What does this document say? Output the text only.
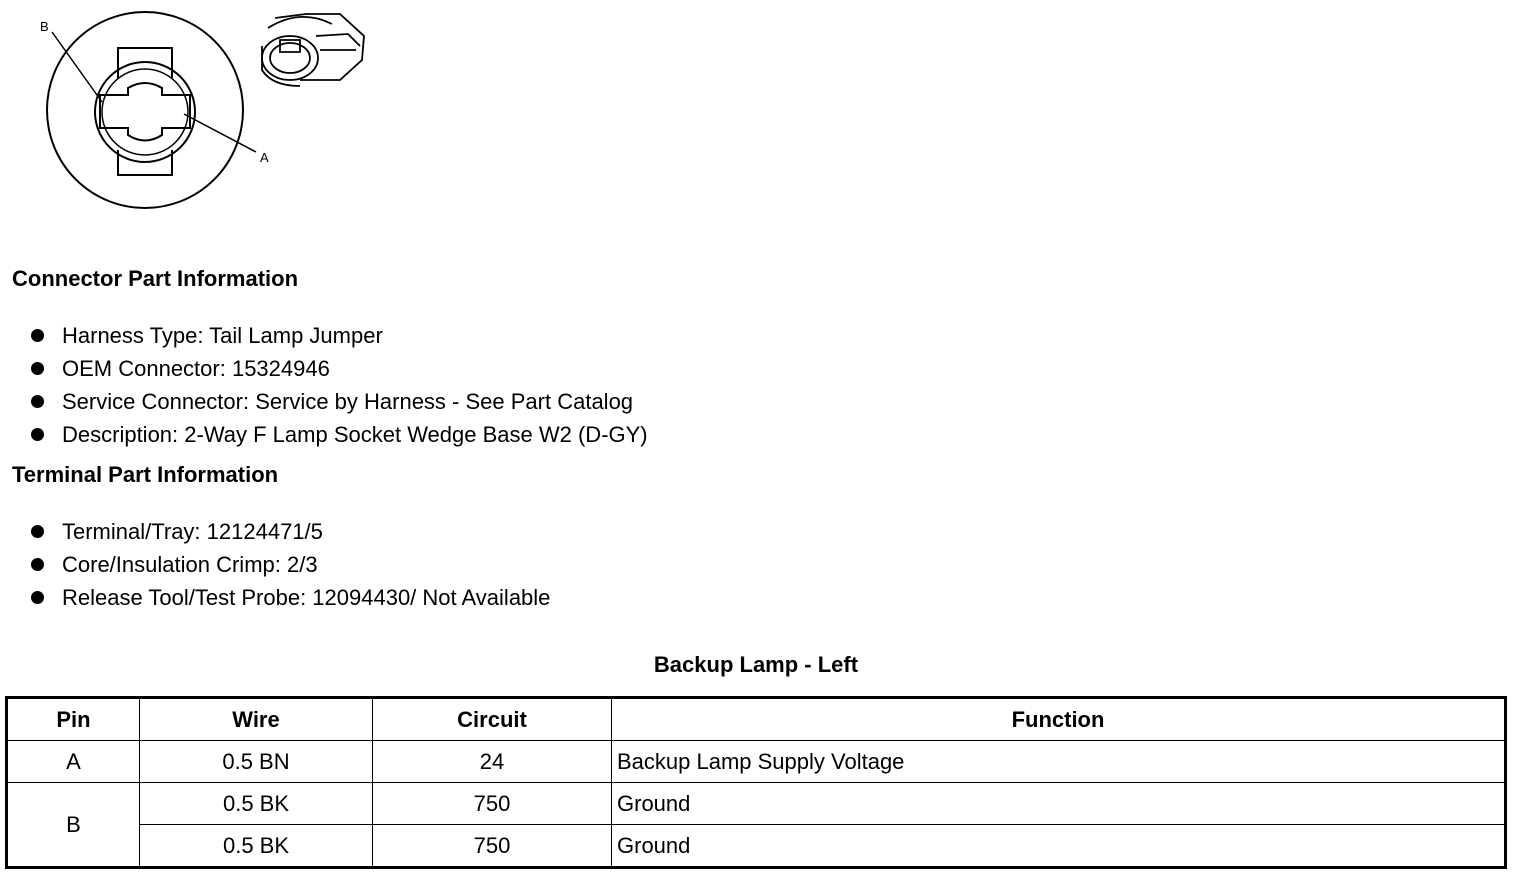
B
A
Connector Part Information
Harness Type: Tail Lamp Jumper
OEM Connector: 15324946
Service Connector: Service by Harness - See Part Catalog
Description: 2-Way F Lamp Socket Wedge Base W2 (D-GY)
Terminal Part Information
Terminal/Tray: 12124471/5
Core/Insulation Crimp: 2/3
Release Tool/Test Probe: 12094430/ Not Available
Backup Lamp - Left
Pin	Wire	Circuit	Function
A	0.5 BN	24	Backup Lamp Supply Voltage
B	0.5 BK	750	Ground
	0.5 BK	750	Ground
